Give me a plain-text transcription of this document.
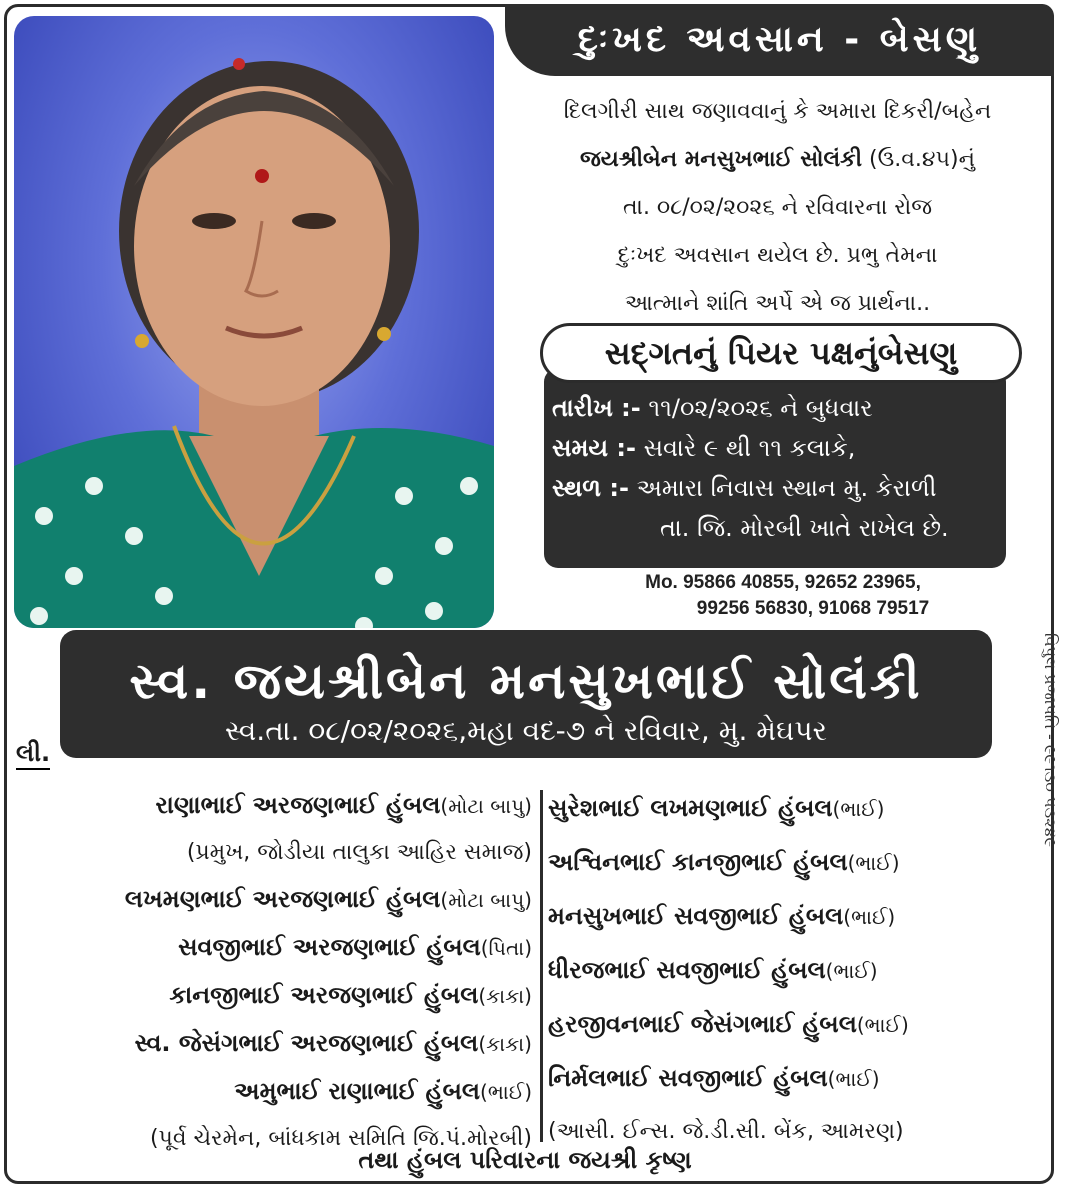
દુઃખદ અવસાન - બેસણુ
દિલગીરી સાથ જણાવવાનું કે અમારા દિકરી/બહેન
જયશ્રીબેન મનસુખભાઈ સોલંકી (ઉ.વ.૪૫)નું
તા. ૦૮/૦૨/૨૦૨૬ ને રવિવારના રોજ
દુઃખદ અવસાન થયેલ છે. પ્રભુ તેમના
આત્માને શાંતિ અર્પે એ જ પ્રાર્થના..
સદ્ગતનું પિયર પક્ષનુંબેસણુ
તારીખ :- ૧૧/૦૨/૨૦૨૬ ને બુધવાર
સમય :- સવારે ૯ થી ૧૧ કલાકે,
સ્થળ :- અમારા નિવાસ સ્થાન મુ. કેરાળી
તા. જિ. મોરબી ખાતે રાખેલ છે.
Mo. 95866 40855, 92652 23965,
99256 56830, 91068 79517
વિપુલ પ્રજાપતિ - ૯૯૧૩૦ ૫૩૨૪૯
સ્વ. જયશ્રીબેન મનસુખભાઈ સોલંકી
સ્વ.તા. ૦૮/૦૨/૨૦૨૬,મહા વદ-૭ ને રવિવાર, મુ. મેઘપર
લી.
રાણાભાઈ અરજણભાઈ હુંબલ(મોટા બાપુ)
(પ્રમુખ, જોડીયા તાલુકા આહિર સમાજ)
લખમણભાઈ અરજણભાઈ હુંબલ(મોટા બાપુ)
સવજીભાઈ અરજણભાઈ હુંબલ(પિતા)
કાનજીભાઈ અરજણભાઈ હુંબલ(કાકા)
સ્વ. જેસંગભાઈ અરજણભાઈ હુંબલ(કાકા)
અમુભાઈ રાણાભાઈ હુંબલ(ભાઈ)
(પૂર્વ ચેરમેન, બાંધકામ સમિતિ જિ.પં.મોરબી)
સુરેશભાઈ લખમણભાઈ હુંબલ(ભાઈ)
અશ્વિનભાઈ કાનજીભાઈ હુંબલ(ભાઈ)
મનસુખભાઈ સવજીભાઈ હુંબલ(ભાઈ)
ધીરજભાઈ સવજીભાઈ હુંબલ(ભાઈ)
હરજીવનભાઈ જેસંગભાઈ હુંબલ(ભાઈ)
નિર્મલભાઈ સવજીભાઈ હુંબલ(ભાઈ)
(આસી. ઈન્સ. જે.ડી.સી. બેંક, આમરણ)
તથા હુંબલ પરિવારના જયશ્રી કૃષ્ણ
